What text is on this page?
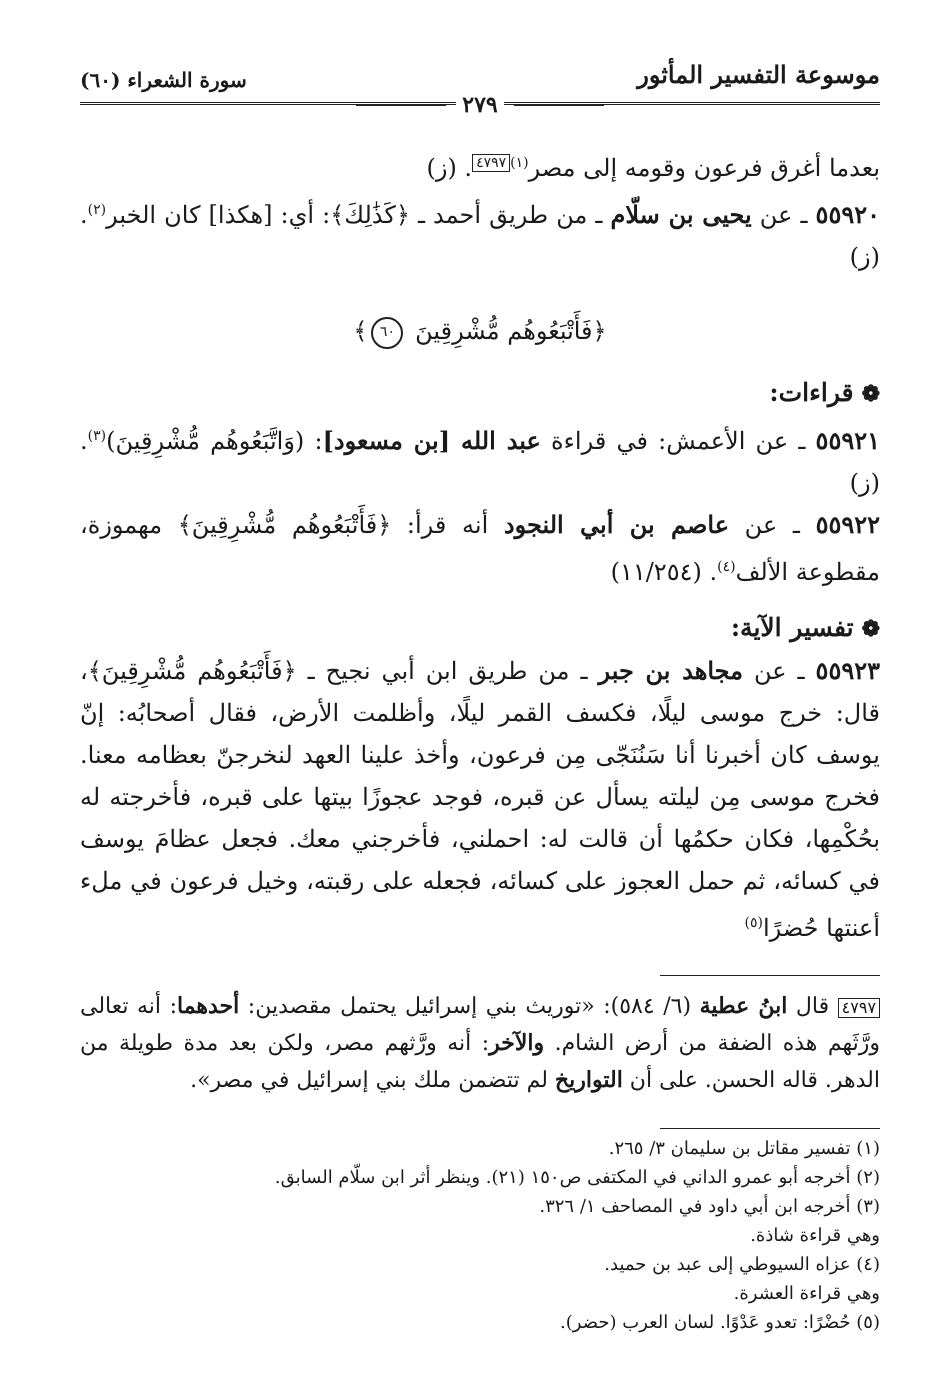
موسوعة التفسير المأثور
سورة الشعراء (٦٠)
٢٧٩

بعدما أغرق فرعون وقومه إلى مصر$^{(١)}$٤٧٩٧. (ز)

٥٥٩٢٠ ـ عن يحيى بن سلّام ـ من طريق أحمد ـ ﴿كَذَٰلِكَ﴾: أي: [هكذا] كان الخبر$^{(٢)}$. (ز)

﴿فَأَتْبَعُوهُم مُّشْرِقِينَ ٦٠﴾
❁قراءات:

٥٥٩٢١ ـ عن الأعمش: في قراءة عبد الله [بن مسعود]: (وَاتَّبَعُوهُم مُّشْرِقِينَ)$^{(٣)}$. (ز)

٥٥٩٢٢ ـ عن عاصم بن أبي النجود أنه قرأ: ﴿فَأَتْبَعُوهُم مُّشْرِقِينَ﴾ مهموزة، مقطوعة الألف$^{(٤)}$. (١١/٢٥٤)

❁تفسير الآية:

٥٥٩٢٣ ـ عن مجاهد بن جبر ـ من طريق ابن أبي نجيح ـ ﴿فَأَتْبَعُوهُم مُّشْرِقِينَ﴾، قال: خرج موسى ليلًا، فكسف القمر ليلًا، وأظلمت الأرض، فقال أصحابُه: إنّ يوسف كان أخبرنا أنا سَنُنَجّى مِن فرعون، وأخذ علينا العهد لنخرجنّ بعظامه معنا. فخرج موسى مِن ليلته يسأل عن قبره، فوجد عجوزًا بيتها على قبره، فأخرجته له بحُكْمِها، فكان حكمُها أن قالت له: احملني، فأخرجني معك. فجعل عظامَ يوسف في كسائه، ثم حمل العجوز على كسائه، فجعله على رقبته، وخيل فرعون في ملء أعنتها حُضرًا$^{(٥)}$

٤٧٩٧ قال ابنُ عطية (٦/ ٥٨٤): «توريث بني إسرائيل يحتمل مقصدين: أحدهما: أنه تعالى ورَّثَهم هذه الضفة من أرض الشام. والآخر: أنه ورَّثهم مصر، ولكن بعد مدة طويلة من الدهر. قاله الحسن. على أن التواريخ لم تتضمن ملك بني إسرائيل في مصر».
(١) تفسير مقاتل بن سليمان ٣/ ٢٦٥.
(٢) أخرجه أبو عمرو الداني في المكتفى ص١٥٠ (٢١). وينظر أثر ابن سلّام السابق.
(٣) أخرجه ابن أبي داود في المصاحف ١/ ٣٢٦.
وهي قراءة شاذة.
(٤) عزاه السيوطي إلى عبد بن حميد.
وهي قراءة العشرة.
(٥) حُضْرًا: تعدو عَدْوًا. لسان العرب (حضر).
